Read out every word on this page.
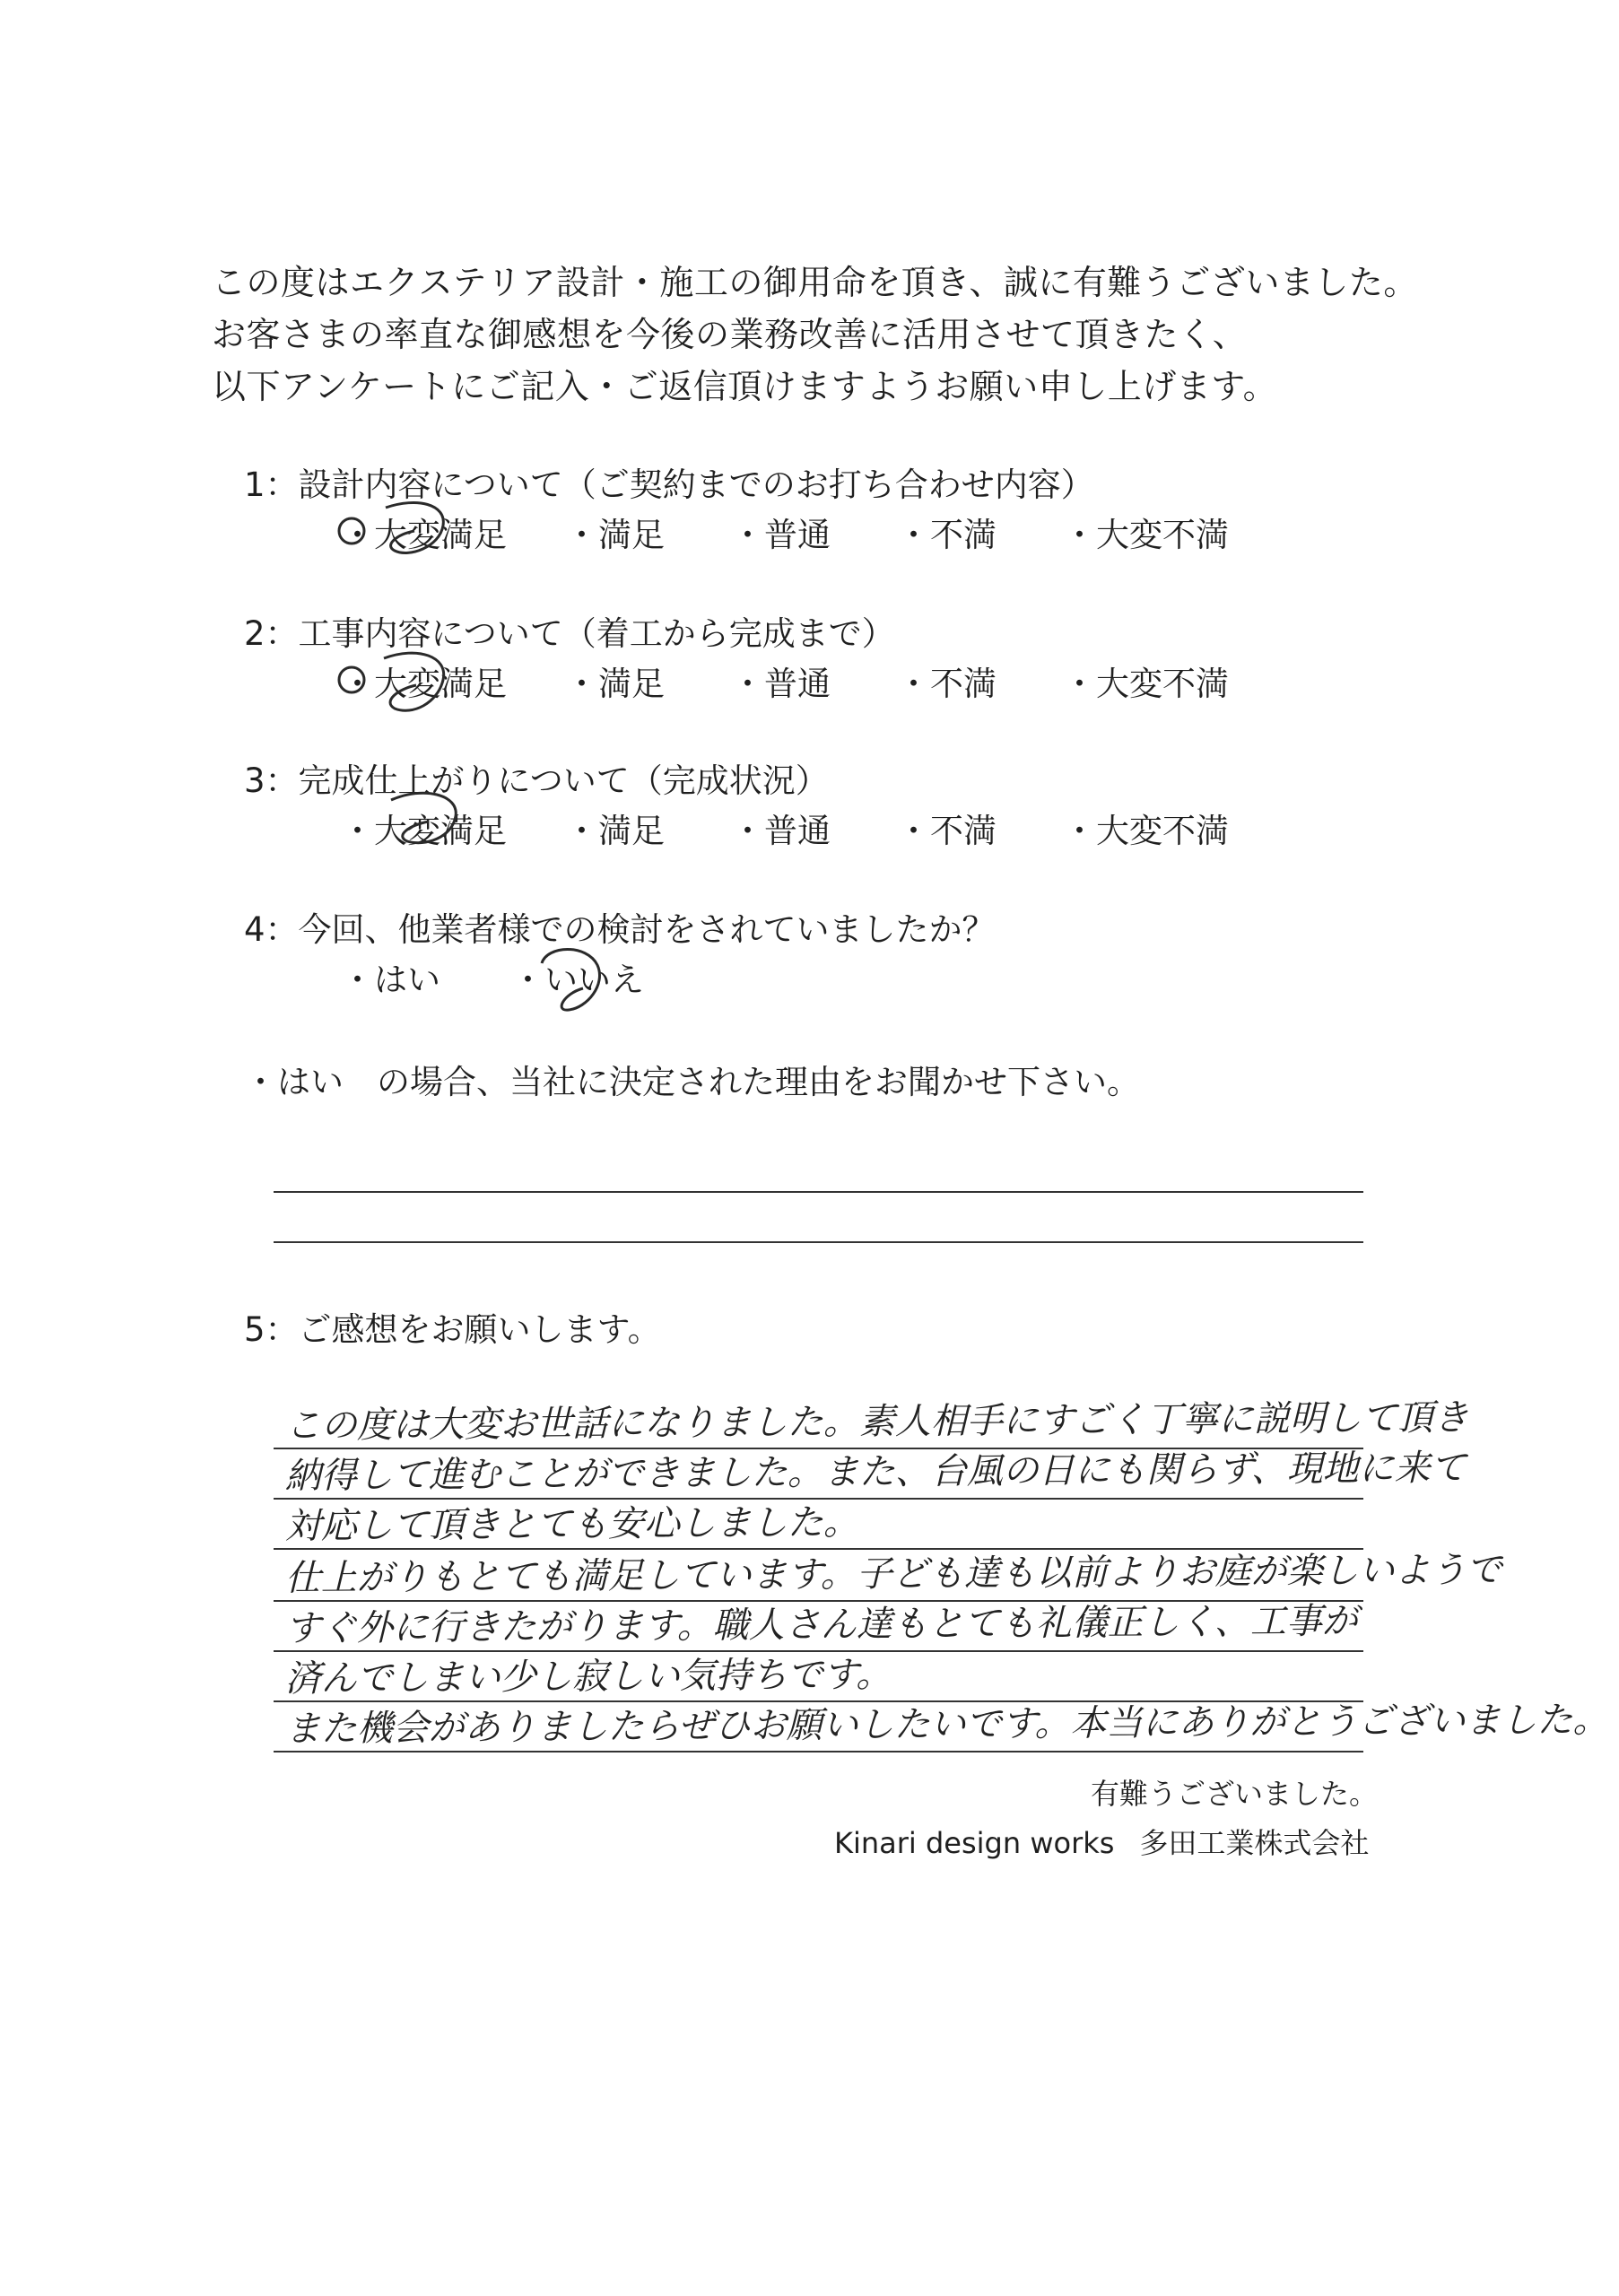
この度はエクステリア設計・施工の御用命を頂き、誠に有難うございました。
お客さまの率直な御感想を今後の業務改善に活用させて頂きたく、
以下アンケートにご記入・ご返信頂けますようお願い申し上げます。
1：設計内容について（ご契約までのお打ち合わせ内容）
・大変満足 ・満足 ・普通 ・不満 ・大変不満
2：工事内容について（着工から完成まで）
・大変満足 ・満足 ・普通 ・不満 ・大変不満
3：完成仕上がりについて（完成状況）
・大変満足 ・満足 ・普通 ・不満 ・大変不満
4：今回、他業者様での検討をされていましたか？
・はい ・いいえ
・はい　の場合、当社に決定された理由をお聞かせ下さい。
5：ご感想をお願いします。
この度は大変お世話になりました。素人相手にすごく丁寧に説明して頂き
納得して進むことができました。また、台風の日にも関らず、現地に来て
対応して頂きとても安心しました。
仕上がりもとても満足しています。子ども達も以前よりお庭が楽しいようで
すぐ外に行きたがります。職人さん達もとても礼儀正しく、工事が
済んでしまい少し寂しい気持ちです。
また機会がありましたらぜひお願いしたいです。本当にありがとうございました。
有難うございました。
Kinari design works 多田工業株式会社
